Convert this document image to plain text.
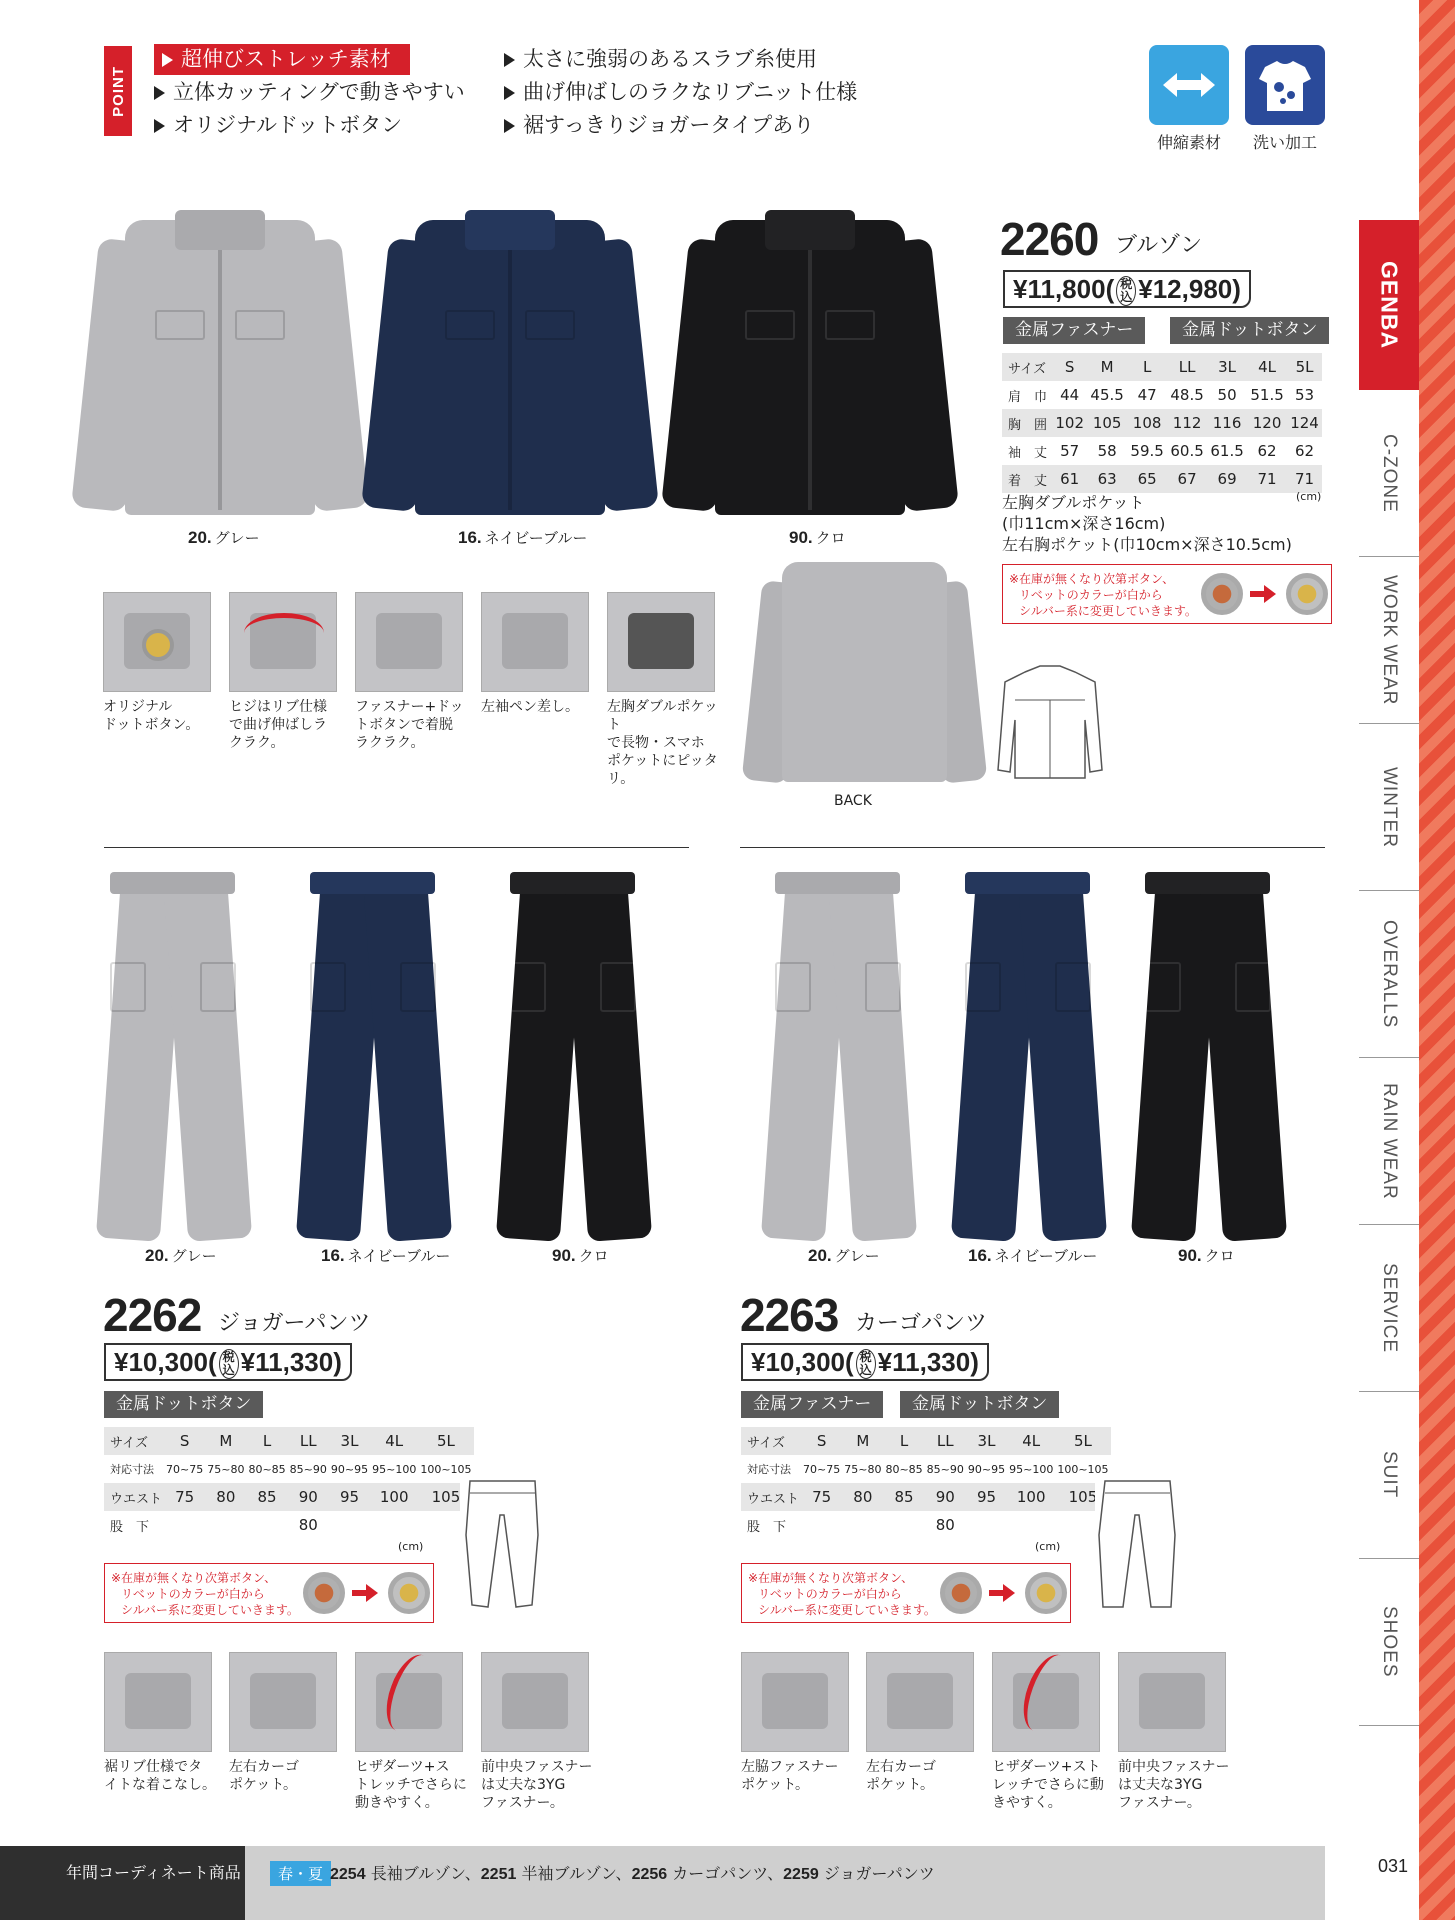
GENBA
C-ZONE
WORK WEAR
WINTER
OVERALLS
RAIN WEAR
SERVICE
SUIT
SHOES
POINT
超伸びストレッチ素材	太さに強弱のあるスラブ糸使用
立体カッティングで動きやすい	曲げ伸ばしのラクなリブニット仕様
オリジナルドットボタン	裾すっきりジョガータイプあり
伸縮素材	洗い加工
20. グレー	16. ネイビーブルー	90. クロ
2260 ブルゾン
¥11,800( 税
込 ¥12,980)
金属ファスナー	金属ドットボタン
サイズ	S	M	L	LL	3L	4L	5L
肩　巾	44	45.5	47	48.5	50	51.5	53
胸　囲	102	105	108	112	116	120	124
袖　丈	57	58	59.5	60.5	61.5	62	62
着　丈	61	63	65	67	69	71	71
(cm)
左胸ダブルポケット
(巾11cm×深さ16cm)
左右胸ポケット(巾10cm×深さ10.5cm)
※在庫が無くなり次第ボタン、
リベットのカラーが白から
シルバー系に変更していきます。
オリジナル
ドットボタン。
ヒジはリブ仕様
で曲げ伸ばしラ
クラク。
ファスナー+ドッ
トボタンで着脱
ラクラク。
左袖ペン差し。	左胸ダブルポケット
で長物・スマホ
ポケットにピッタリ。
BACK
20. グレー	16. ネイビーブルー	90. クロ	20. グレー	16. ネイビーブルー	90. クロ
2262 ジョガーパンツ
¥10,300( 税
込 ¥11,330)
金属ドットボタン
サイズ	S	M	L	LL	3L	4L	5L
対応寸法	70~75	75~80	80~85	85~90	90~95	95~100	100~105
ウエスト	75	80	85	90	95	100	105
股　下				80			
(cm)
※在庫が無くなり次第ボタン、
リベットのカラーが白から
シルバー系に変更していきます。
裾リブ仕様でタ
イトな着こなし。
左右カーゴ
ポケット。
ヒザダーツ+ス
トレッチでさらに
動きやすく。
前中央ファスナー
は丈夫な3YG
ファスナー。
2263 カーゴパンツ
¥10,300( 税
込 ¥11,330)
金属ファスナー	金属ドットボタン
サイズ	S	M	L	LL	3L	4L	5L
対応寸法	70~75	75~80	80~85	85~90	90~95	95~100	100~105
ウエスト	75	80	85	90	95	100	105
股　下				80			
(cm)
※在庫が無くなり次第ボタン、
リベットのカラーが白から
シルバー系に変更していきます。
左脇ファスナー
ポケット。
左右カーゴ
ポケット。
ヒザダーツ+スト
レッチでさらに動
きやすく。
前中央ファスナー
は丈夫な3YG
ファスナー。
年間コーディネート商品	春・夏 2254 長袖ブルゾン、2251 半袖ブルゾン、2256 カーゴパンツ、2259 ジョガーパンツ	031
